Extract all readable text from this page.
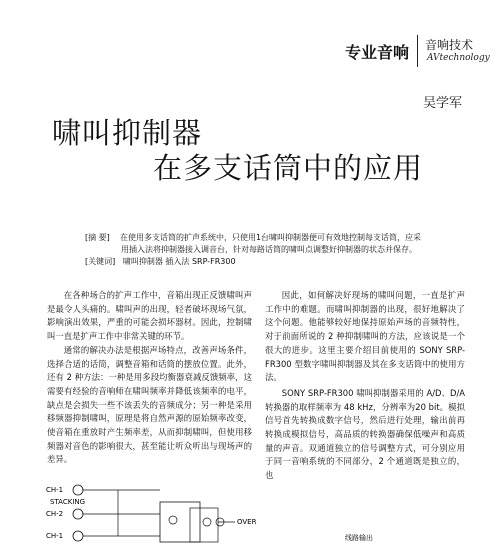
专业音响 音响技术
AVtechnology
吴学军
啸叫抑制器
在多支话筒中的应用
[摘 要] 在使用多支话筒的扩声系统中，只使用1台啸叫抑制器便可有效地控制每支话筒，应采
用插入法将抑制器接入调音台，针对每路话筒的啸叫点调整好抑制器的状态并保存。
[关键词] 啸叫抑制器 插入法 SRP-FR300

在各种场合的扩声工作中，音箱出现正反馈啸叫声是最令人头痛的。啸叫声的出现，轻者破坏现场气氛，影响演出效果，严重的可能会损坏器材。因此，控制啸叫一直是扩声工作中非常关键的环节。

通常的解决办法是根据声场特点，改善声场条件，选择合适的话筒，调整音箱和话筒的摆放位置。此外，还有 2 种方法：一种是用多段均衡器衰减反馈频率，这需要有经验的音响师在啸叫频率并降低该频率的电平，缺点是会损失一些不该丢失的音频成分；另一种是采用移频器抑制啸叫，原理是将自然声源的原始频率改变，使音箱在重放时产生频率差，从而抑制啸叫，但使用移频器对音色的影响很大，甚至能让听众听出与现场声的差异。

因此，如何解决好现场的啸叫问题，一直是扩声工作中的难题。而啸叫抑制器的出现，很好地解决了这个问题。他能够较好地保持原始声场的音频特性，对于前面所说的 2 种抑制啸叫的方法，应该说是一个很大的进步。这里主要介绍目前使用的 SONY SRP-FR300 型数字啸叫抑制器及其在多支话筒中的使用方法。

SONY SRP-FR300 啸叫抑制器采用的 A/D、D/A 转换器的取样频率为 48 kHz，分辨率为20 bit。模拟信号首先转换成数字信号，然后进行处理，输出前再转换成模拟信号，高品质的转换器确保低噪声和高质量的声音。双通道独立的信号调整方式，可分别应用于同一音响系统的不同部分，2 个通道既是独立的，也

CH-1
STACKING
CH-2
CH-1
OVER
线路输出
